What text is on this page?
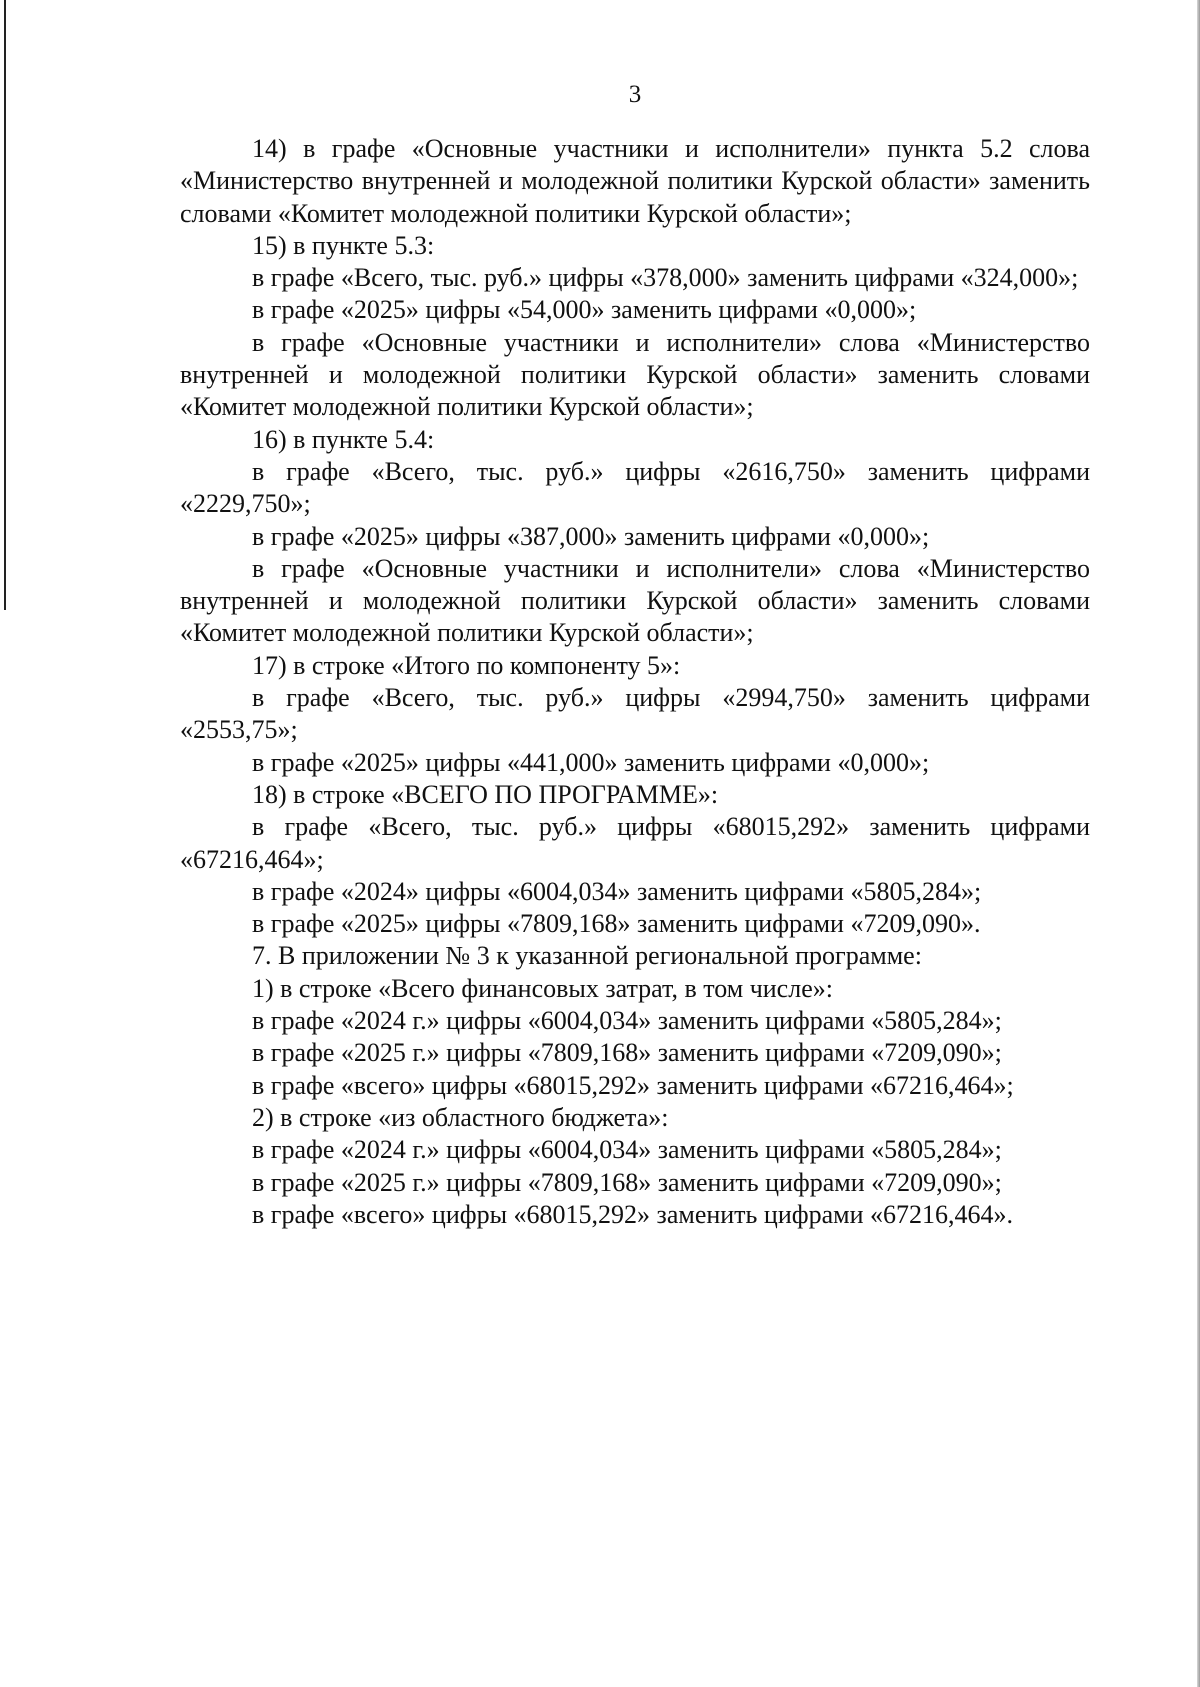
3

14) в графе «Основные участники и исполнители» пункта 5.2 слова «Министерство внутренней и молодежной политики Курской области» заменить словами «Комитет молодежной политики Курской области»;

15) в пункте 5.3:

в графе «Всего, тыс. руб.» цифры «378,000» заменить цифрами «324,000»;

в графе «2025» цифры «54,000» заменить цифрами «0,000»;

в графе «Основные участники и исполнители» слова «Министерство внутренней и молодежной политики Курской области» заменить словами «Комитет молодежной политики Курской области»;

16) в пункте 5.4:

в графе «Всего, тыс. руб.» цифры «2616,750» заменить цифрами «2229,750»;

в графе «2025» цифры «387,000» заменить цифрами «0,000»;

в графе «Основные участники и исполнители» слова «Министерство внутренней и молодежной политики Курской области» заменить словами «Комитет молодежной политики Курской области»;

17) в строке «Итого по компоненту 5»:

в графе «Всего, тыс. руб.» цифры «2994,750» заменить цифрами «2553,75»;

в графе «2025» цифры «441,000» заменить цифрами «0,000»;

18) в строке «ВСЕГО ПО ПРОГРАММЕ»:

в графе «Всего, тыс. руб.» цифры «68015,292» заменить цифрами «67216,464»;

в графе «2024» цифры «6004,034» заменить цифрами «5805,284»;

в графе «2025» цифры «7809,168» заменить цифрами «7209,090».

7. В приложении № 3 к указанной региональной программе:

1) в строке «Всего финансовых затрат, в том числе»:

в графе «2024 г.» цифры «6004,034» заменить цифрами «5805,284»;

в графе «2025 г.» цифры «7809,168» заменить цифрами «7209,090»;

в графе «всего» цифры «68015,292» заменить цифрами «67216,464»;

2) в строке «из областного бюджета»:

в графе «2024 г.» цифры «6004,034» заменить цифрами «5805,284»;

в графе «2025 г.» цифры «7809,168» заменить цифрами «7209,090»;

в графе «всего» цифры «68015,292» заменить цифрами «67216,464».
